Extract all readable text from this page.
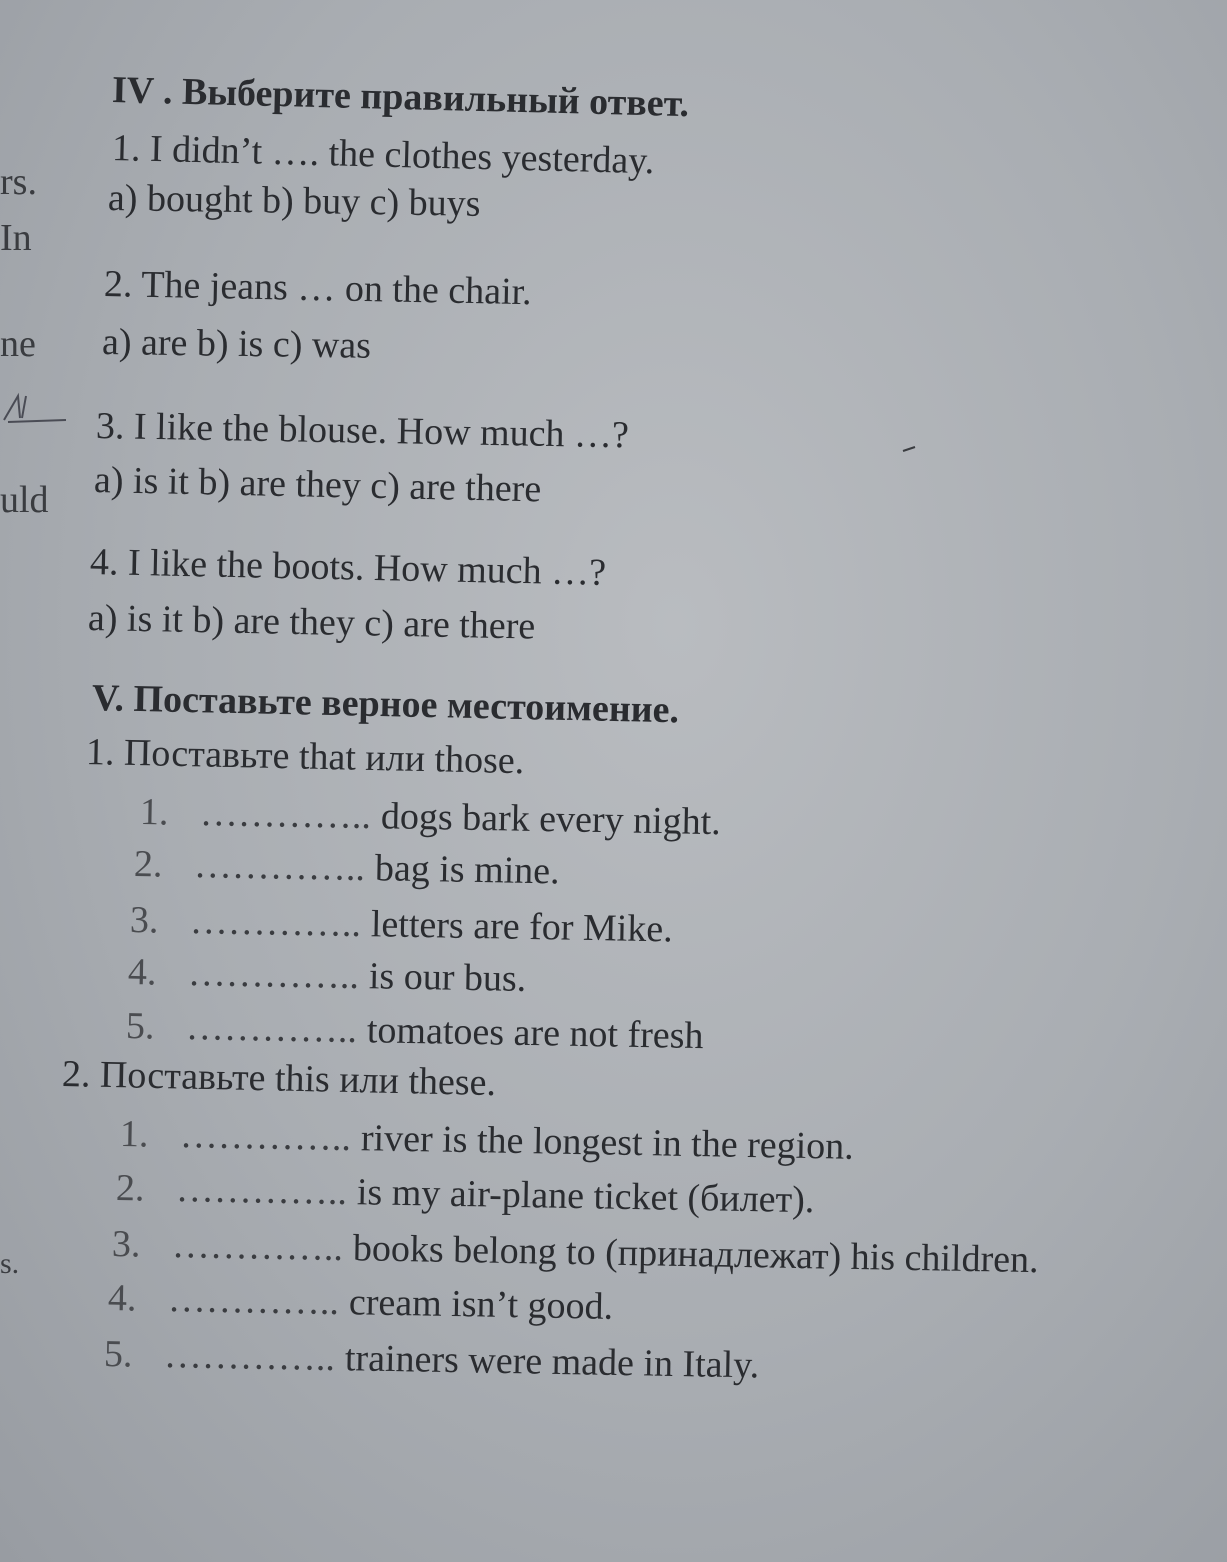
rs.
In
ne
uld
s.
IV . Выберите правильный ответ.
1. I didn’t …. the clothes yesterday.
a) bought b) buy c) buys
2. The jeans … on the chair.
a) are b) is c) was
3. I like the blouse. How much …?
a) is it b) are they c) are there
4. I like the boots. How much …?
a) is it b) are they c) are there
V. Поставьте верное местоимение.
1. Поставьте that или those.
1. ………….. dogs bark every night.
2. ………….. bag is mine.
3. ………….. letters are for Mike.
4. ………….. is our bus.
5. ………….. tomatoes are not fresh
2. Поставьте this или these.
1. ………….. river is the longest in the region.
2. ………….. is my air-plane ticket (билет).
3. ………….. books belong to (принадлежат) his children.
4. ………….. cream isn’t good.
5. ………….. trainers were made in Italy.
